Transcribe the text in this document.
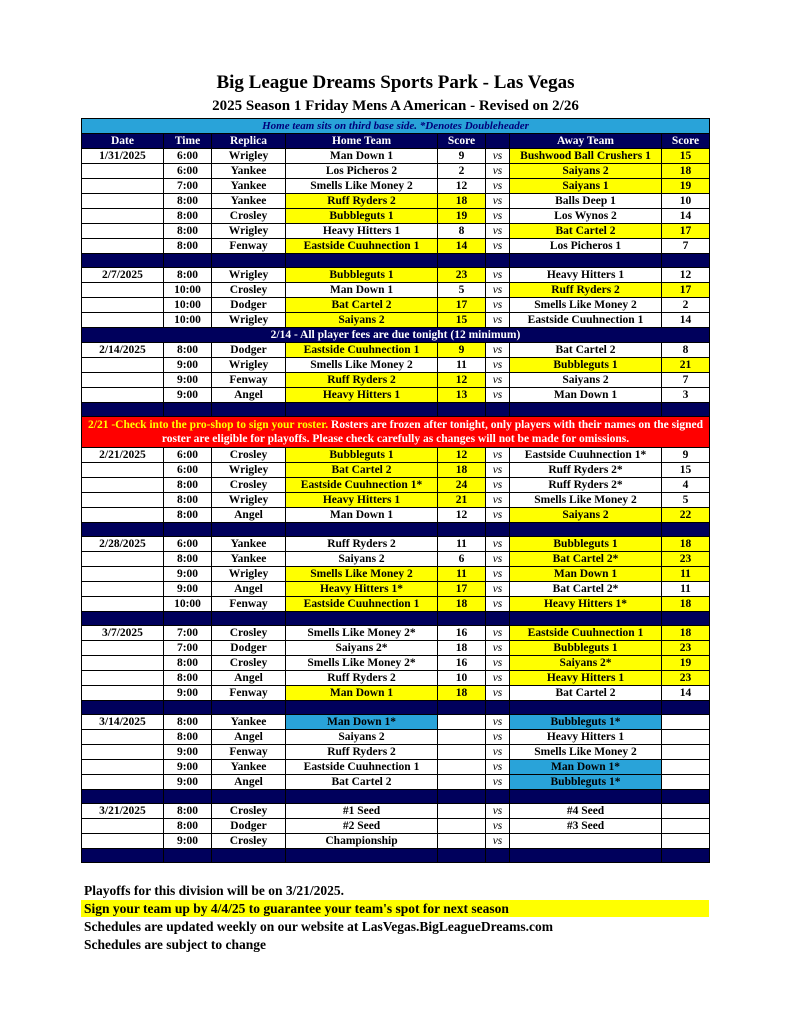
Big League Dreams Sports Park - Las Vegas
2025 Season 1 Friday Mens A American - Revised on 2/26
Home team sits on third base side. *Denotes Doubleheader							
Date	Time	Replica	Home Team	Score		Away Team	Score
1/31/2025	6:00	Wrigley	Man Down 1	9	vs	Bushwood Ball Crushers 1	15
	6:00	Yankee	Los Picheros 2	2	vs	Saiyans 2	18
	7:00	Yankee	Smells Like Money 2	12	vs	Saiyans 1	19
	8:00	Yankee	Ruff Ryders 2	18	vs	Balls Deep 1	10
	8:00	Crosley	Bubbleguts 1	19	vs	Los Wynos 2	14
	8:00	Wrigley	Heavy Hitters 1	8	vs	Bat Cartel 2	17
	8:00	Fenway	Eastside Cuuhnection 1	14	vs	Los Picheros 1	7

2/7/2025	8:00	Wrigley	Bubbleguts 1	23	vs	Heavy Hitters 1	12
	10:00	Crosley	Man Down 1	5	vs	Ruff Ryders 2	17
	10:00	Dodger	Bat Cartel 2	17	vs	Smells Like Money 2	2
	10:00	Wrigley	Saiyans 2	15	vs	Eastside Cuuhnection 1	14
2/14 - All player fees are due tonight (12 minimum)							
2/14/2025	8:00	Dodger	Eastside Cuuhnection 1	9	vs	Bat Cartel 2	8
	9:00	Wrigley	Smells Like Money 2	11	vs	Bubbleguts 1	21
	9:00	Fenway	Ruff Ryders 2	12	vs	Saiyans 2	7
	9:00	Angel	Heavy Hitters 1	13	vs	Man Down 1	3

2/21 -Check into the pro-shop to sign your roster. Rosters are frozen after tonight, only players with their names on the signed roster are eligible for playoffs. Please check carefully as changes will not be made for omissions.							
2/21/2025	6:00	Crosley	Bubbleguts 1	12	vs	Eastside Cuuhnection 1*	9
	6:00	Wrigley	Bat Cartel 2	18	vs	Ruff Ryders 2*	15
	8:00	Crosley	Eastside Cuuhnection 1*	24	vs	Ruff Ryders 2*	4
	8:00	Wrigley	Heavy Hitters 1	21	vs	Smells Like Money 2	5
	8:00	Angel	Man Down 1	12	vs	Saiyans 2	22

2/28/2025	6:00	Yankee	Ruff Ryders 2	11	vs	Bubbleguts 1	18
	8:00	Yankee	Saiyans 2	6	vs	Bat Cartel 2*	23
	9:00	Wrigley	Smells Like Money 2	11	vs	Man Down 1	11
	9:00	Angel	Heavy Hitters 1*	17	vs	Bat Cartel 2*	11
	10:00	Fenway	Eastside Cuuhnection 1	18	vs	Heavy Hitters 1*	18

3/7/2025	7:00	Crosley	Smells Like Money 2*	16	vs	Eastside Cuuhnection 1	18
	7:00	Dodger	Saiyans 2*	18	vs	Bubbleguts 1	23
	8:00	Crosley	Smells Like Money 2*	16	vs	Saiyans 2*	19
	8:00	Angel	Ruff Ryders 2	10	vs	Heavy Hitters 1	23
	9:00	Fenway	Man Down 1	18	vs	Bat Cartel 2	14

3/14/2025	8:00	Yankee	Man Down 1*		vs	Bubbleguts 1*	
	8:00	Angel	Saiyans 2		vs	Heavy Hitters 1	
	9:00	Fenway	Ruff Ryders 2		vs	Smells Like Money 2	
	9:00	Yankee	Eastside Cuuhnection 1		vs	Man Down 1*	
	9:00	Angel	Bat Cartel 2		vs	Bubbleguts 1*	

3/21/2025	8:00	Crosley	#1 Seed		vs	#4 Seed	
	8:00	Dodger	#2 Seed		vs	#3 Seed	
	9:00	Crosley	Championship		vs		

Playoffs for this division will be on 3/21/2025.
Sign your team up by 4/4/25 to guarantee your team's spot for next season
Schedules are updated weekly on our website at LasVegas.BigLeagueDreams.com
Schedules are subject to change
